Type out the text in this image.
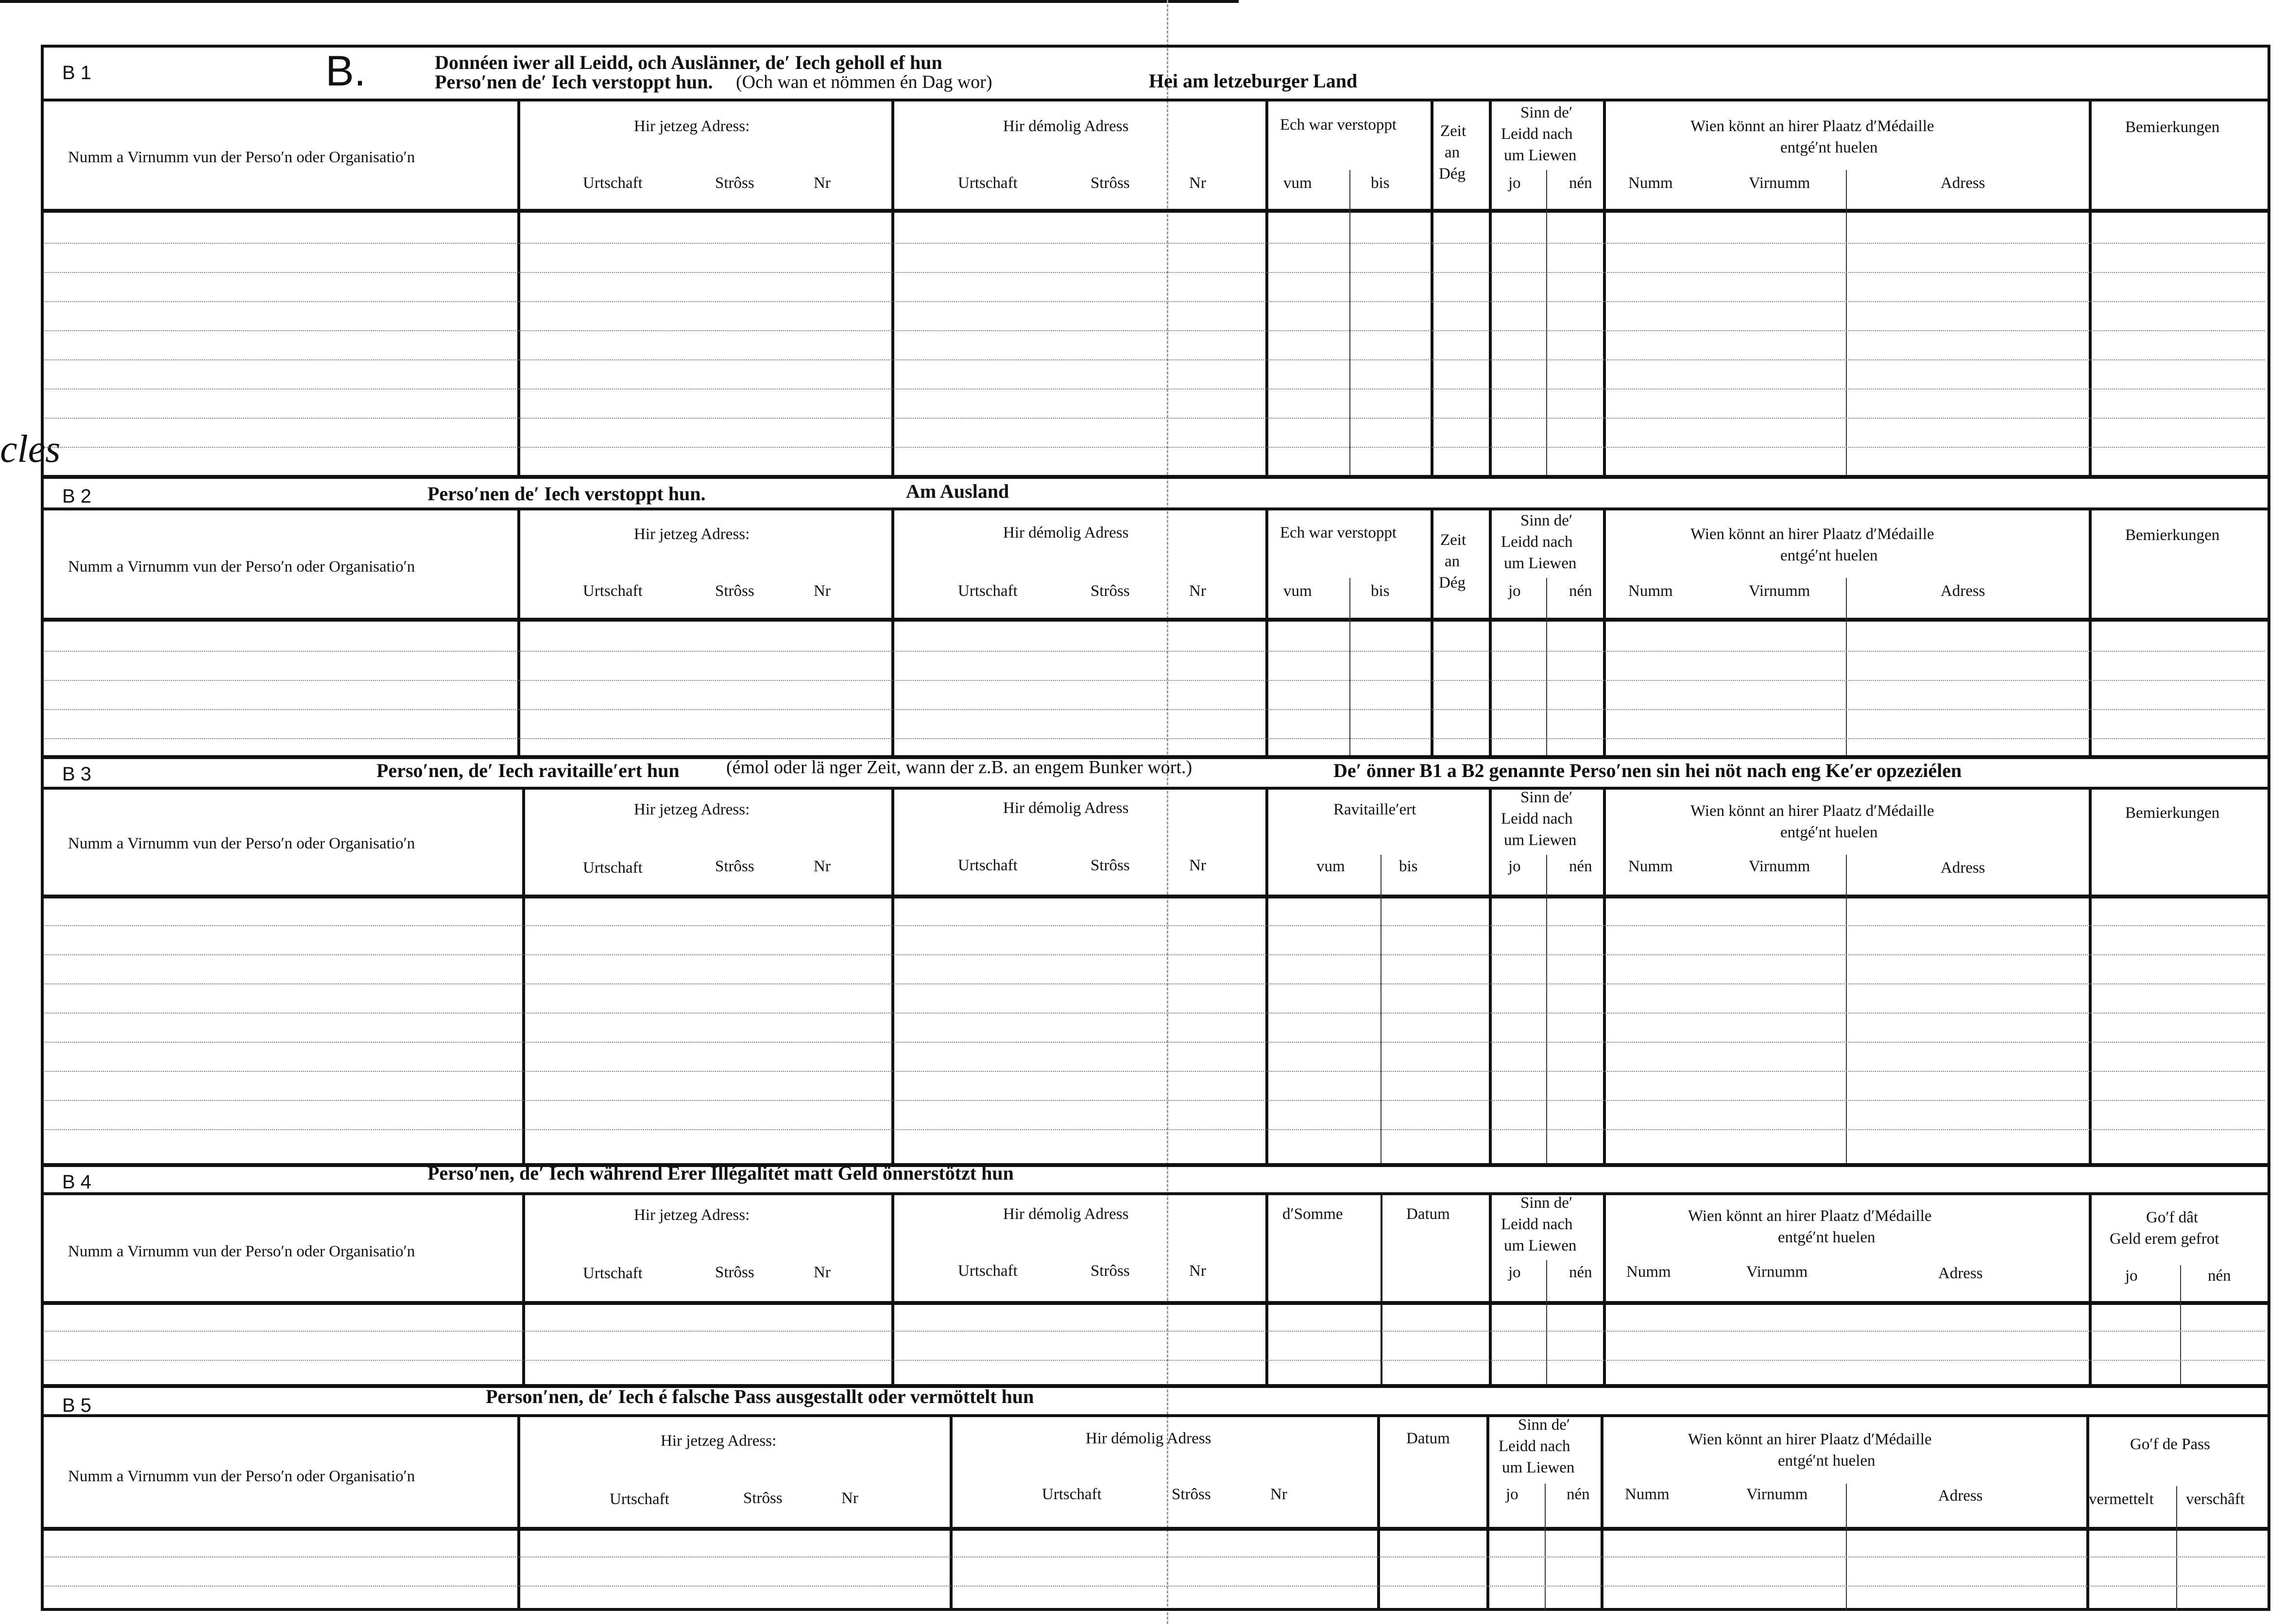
cles
B 1	B.	Donnéen iwer all Leidd, och Auslänner, deʹ Iech geholl ef hun
Persoʹnen deʹ Iech verstoppt hun. (Och wan et nömmen én Dag wor)	Hei am letzeburger Land
Numm a Virnumm vun der Persoʹn oder Organisatioʹn
Hir jetzeg Adress:
Urtschaft	Strôss	Nr
Hir démolig Adress
Urtschaft	Strôss	Nr
Ech war verstoppt
vum	bis
Zeit
an
Dég
Sinn deʹ
Leidd nach
um Liewen
jo	nén
Wien könnt an hirer Plaatz dʹMédaille
entgéʹnt huelen
Numm	Virnumm	Adress
Bemierkungen
B 2	Persoʹnen deʹ Iech verstoppt hun.	Am Ausland
Numm a Virnumm vun der Persoʹn oder Organisatioʹn
Hir jetzeg Adress:
Urtschaft	Strôss	Nr
Hir démolig Adress
Urtschaft	Strôss	Nr
Ech war verstoppt
vum	bis
Zeit
an
Dég
Sinn deʹ
Leidd nach
um Liewen
jo	nén
Wien könnt an hirer Plaatz dʹMédaille
entgéʹnt huelen
Numm	Virnumm	Adress
Bemierkungen
B 3	Persoʹnen, deʹ Iech ravitailleʹert hun	(émol oder lä nger Zeit, wann der z.B. an engem Bunker wort.)	Deʹ önner B1 a B2 genannte Persoʹnen sin hei nöt nach eng Keʹer opzeziélen
Numm a Virnumm vun der Persoʹn oder Organisatioʹn
Hir jetzeg Adress:
Urtschaft	Strôss	Nr
Hir démolig Adress
Urtschaft	Strôss	Nr
Ravitailleʹert
vum	bis
Sinn deʹ
Leidd nach
um Liewen
jo	nén
Wien könnt an hirer Plaatz dʹMédaille
entgéʹnt huelen
Numm	Virnumm	Adress
Bemierkungen
B 4	Persoʹnen, deʹ Iech während Erer Illégalitét matt Geld önnerstötzt hun
Numm a Virnumm vun der Persoʹn oder Organisatioʹn
Hir jetzeg Adress:
Urtschaft	Strôss	Nr
Hir démolig Adress
Urtschaft	Strôss	Nr
dʹSomme	Datum
Sinn deʹ
Leidd nach
um Liewen
jo	nén
Wien könnt an hirer Plaatz dʹMédaille
entgéʹnt huelen
Numm	Virnumm	Adress
Goʹf dât
Geld erem gefrot
jo	nén
B 5	Personʹnen, deʹ Iech é falsche Pass ausgestallt oder vermöttelt hun
Numm a Virnumm vun der Persoʹn oder Organisatioʹn
Hir jetzeg Adress:
Urtschaft	Strôss	Nr
Hir démolig Adress
Urtschaft	Strôss	Nr
Datum
Sinn deʹ
Leidd nach
um Liewen
jo	nén
Wien könnt an hirer Plaatz dʹMédaille
entgéʹnt huelen
Numm	Virnumm	Adress
Goʹf de Pass
vermettelt verschâft
